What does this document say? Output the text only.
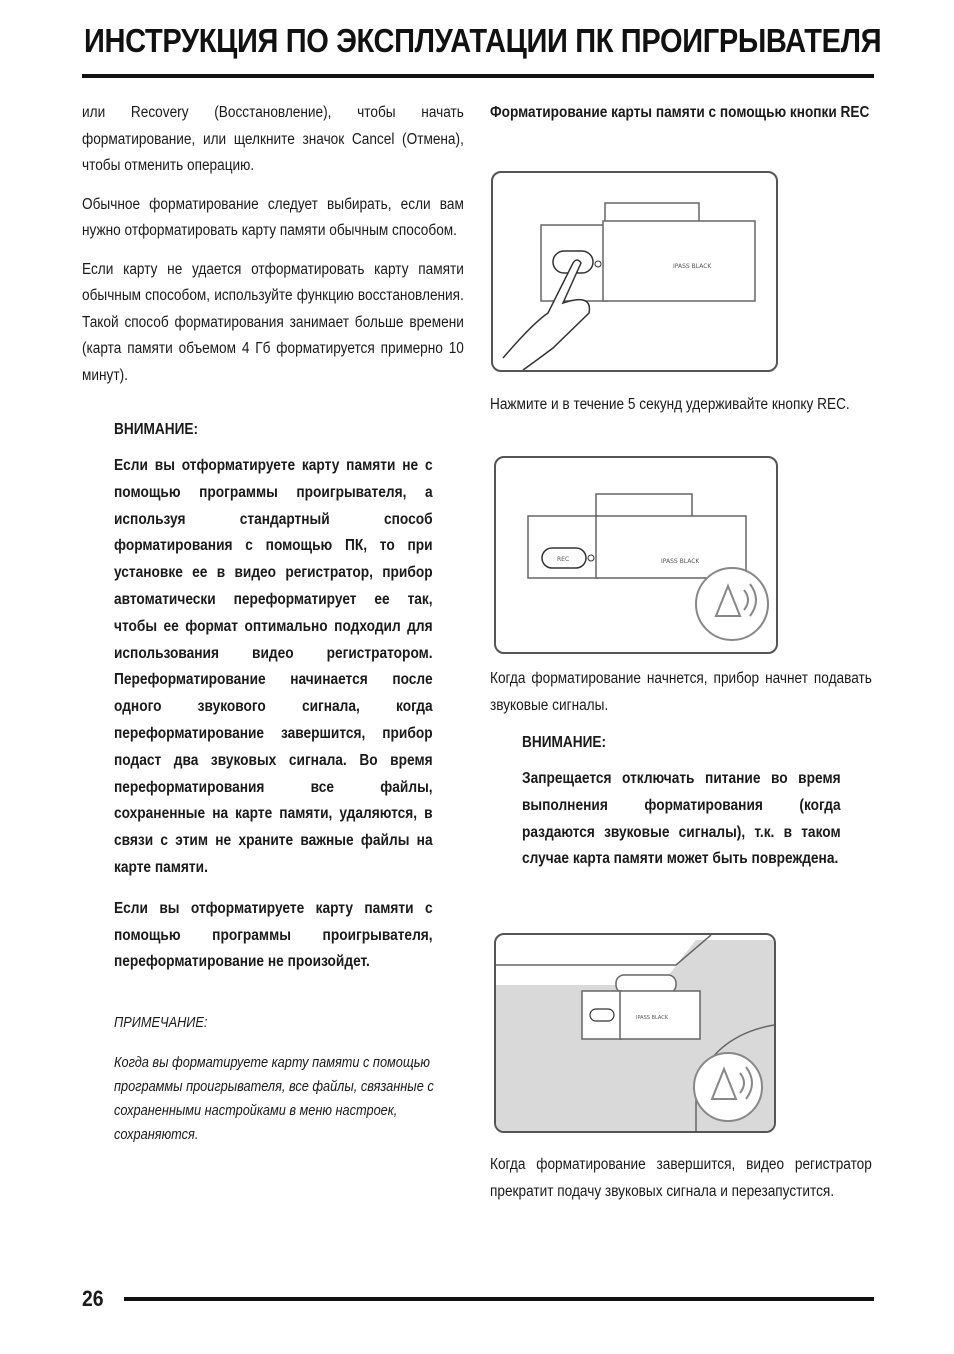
ИНСТРУКЦИЯ ПО ЭКСПЛУАТАЦИИ ПК ПРОИГРЫВАТЕЛЯ

или Recovery (Восстановление), чтобы начать форматирование, или щелкните значок Cancel (Отмена), чтобы отменить операцию.

Обычное форматирование следует выбирать, если вам нужно отформатировать карту памяти обычным способом.

Если карту не удается отформатировать карту памяти обычным способом, используйте функцию восстановления. Такой способ форматирования занимает больше времени (карта памяти объемом 4 Гб форматируется примерно 10 минут).

ВНИМАНИЕ:
Если вы отформатируете карту памяти не с помощью программы проигрывателя, а используя стандартный способ форматирования с помощью ПК, то при установке ее в видео регистратор, прибор автоматически переформатирует ее так, чтобы ее формат оптимально подходил для использования видео регистратором. Переформатирование начинается после одного звукового сигнала, когда переформатирование завершится, прибор подаст два звуковых сигнала. Во время переформатирования все файлы, сохраненные на карте памяти, удаляются, в связи с этим не храните важные файлы на карте памяти.
Если вы отформатируете карту памяти с помощью программы проигрывателя, переформатирование не произойдет.
ПРИМЕЧАНИЕ:
Когда вы форматируете карту памяти с помощью программы проигрывателя, все файлы, связанные с сохраненными настройками в меню настроек, сохраняются.

Форматирование карты памяти с помощью кнопки REC

IPASS BLACK

Нажмите и в течение 5 секунд удерживайте кнопку REC.

REC	IPASS BLACK

Когда форматирование начнется, прибор начнет подавать звуковые сигналы.

ВНИМАНИЕ:
Запрещается отключать питание во время выполнения форматирования (когда раздаются звуковые сигналы), т.к. в таком случае карта памяти может быть повреждена.
IPASS BLACK

Когда форматирование завершится, видео регистратор прекратит подачу звуковых сигнала и перезапустится.

26
